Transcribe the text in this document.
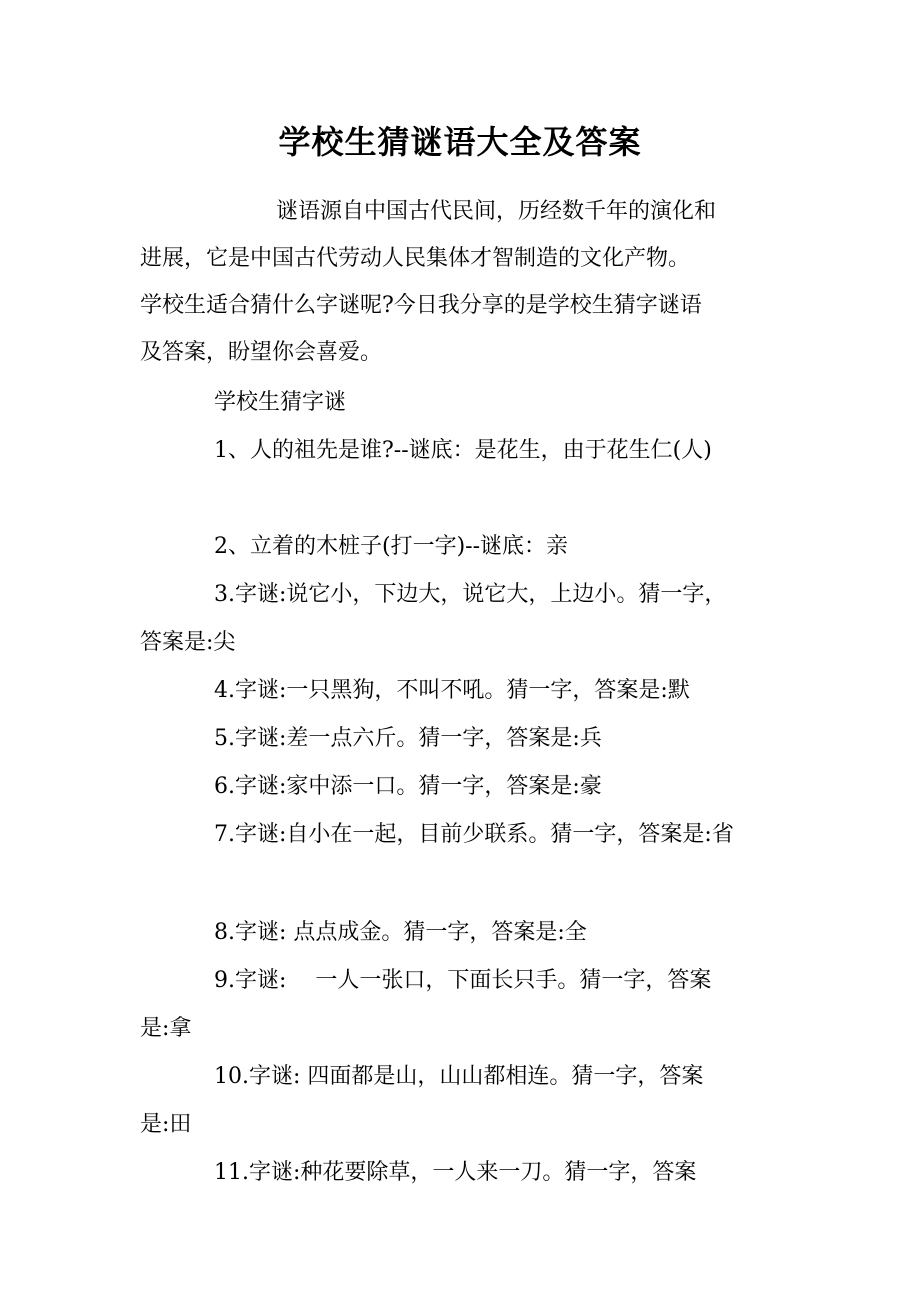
学校生猜谜语大全及答案
谜语源自中国古代民间，历经数千年的演化和
进展，它是中国古代劳动人民集体才智制造的文化产物。
学校生适合猜什么字谜呢?今日我分享的是学校生猜字谜语
及答案，盼望你会喜爱。
学校生猜字谜
1、人的祖先是谁?--谜底：是花生，由于花生仁(人)
2、立着的木桩子(打一字)--谜底：亲
3.字谜:说它小，下边大，说它大，上边小。猜一字，
答案是:尖
4.字谜:一只黑狗，不叫不吼。猜一字，答案是:默
5.字谜:差一点六斤。猜一字，答案是:兵
6.字谜:家中添一口。猜一字，答案是:豪
7.字谜:自小在一起，目前少联系。猜一字，答案是:省
8.字谜: 点点成金。猜一字，答案是:全
9.字谜:　 一人一张口，下面长只手。猜一字，答案
是:拿
10.字谜: 四面都是山，山山都相连。猜一字，答案
是:田
11.字谜:种花要除草，一人来一刀。猜一字，答案
